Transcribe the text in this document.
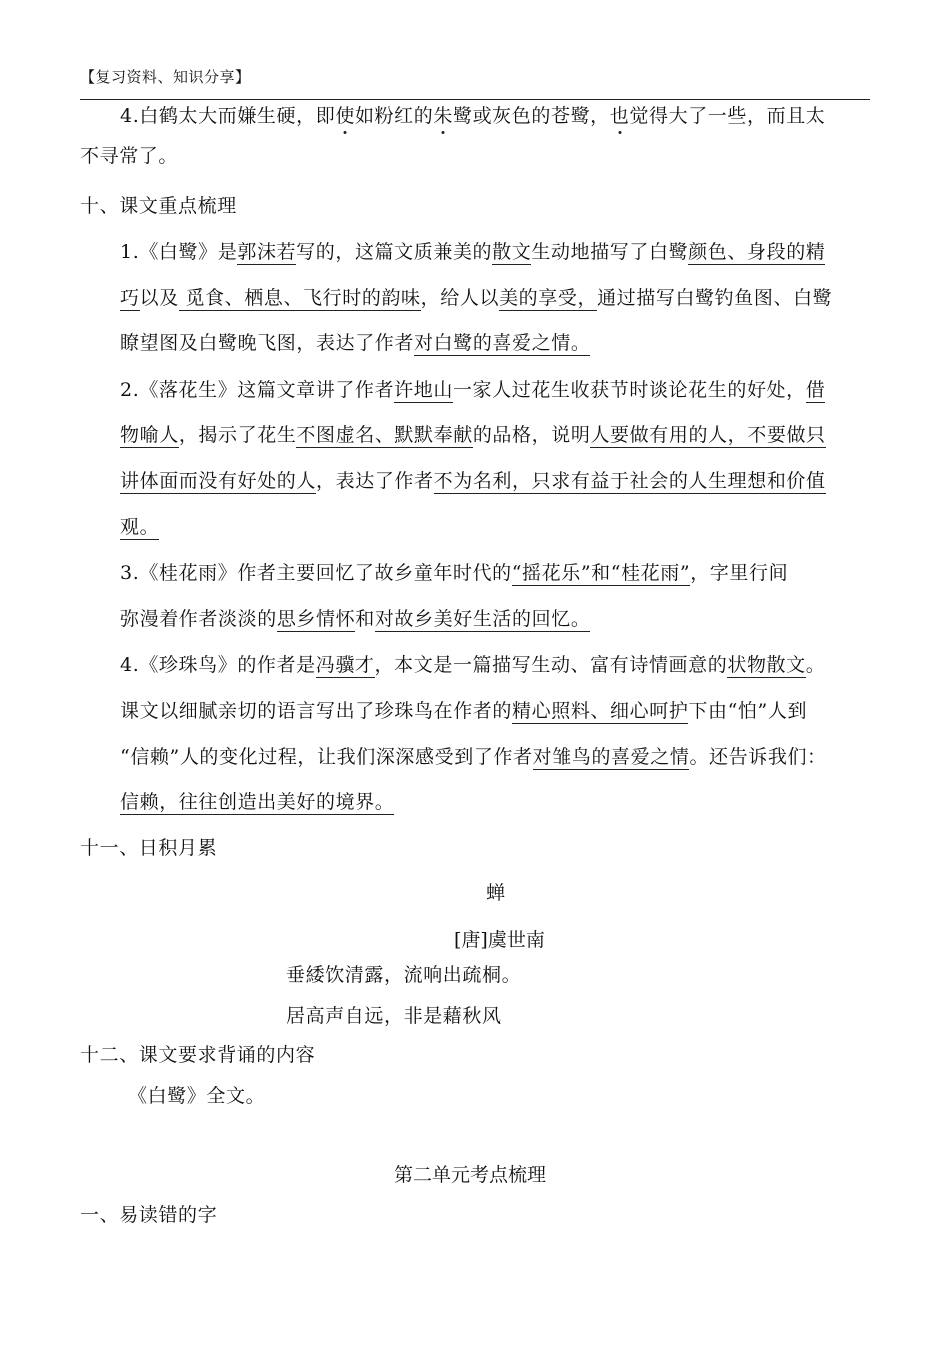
【复习资料、知识分享】
4.白鹤太大而嫌生硬，即使如粉红的朱鹭或灰色的苍鹭，也觉得大了一些，而且太
不寻常了。
十、课文重点梳理
1.《白鹭》是郭沫若写的，这篇文质兼美的散文生动地描写了白鹭颜色、身段的精
巧以及 觅食、栖息、飞行时的韵味，给人以美的享受，通过描写白鹭钓鱼图、白鹭
瞭望图及白鹭晚飞图，表达了作者对白鹭的喜爱之情。
2.《落花生》这篇文章讲了作者许地山一家人过花生收获节时谈论花生的好处，借
物喻人，揭示了花生不图虚名、默默奉献的品格，说明人要做有用的人，不要做只
讲体面而没有好处的人，表达了作者不为名利，只求有益于社会的人生理想和价值
观。
3.《桂花雨》作者主要回忆了故乡童年时代的“摇花乐”和“桂花雨”，字里行间
弥漫着作者淡淡的思乡情怀和对故乡美好生活的回忆。
4.《珍珠鸟》的作者是冯骥才，本文是一篇描写生动、富有诗情画意的状物散文。
课文以细腻亲切的语言写出了珍珠鸟在作者的精心照料、细心呵护下由“怕”人到
“信赖”人的变化过程，让我们深深感受到了作者对雏鸟的喜爱之情。还告诉我们：
信赖，往往创造出美好的境界。
十一、日积月累
蝉
[唐]虞世南
垂緌饮清露，流响出疏桐。
居高声自远，非是藉秋风
十二、课文要求背诵的内容
《白鹭》全文。
第二单元考点梳理
一、易读错的字
